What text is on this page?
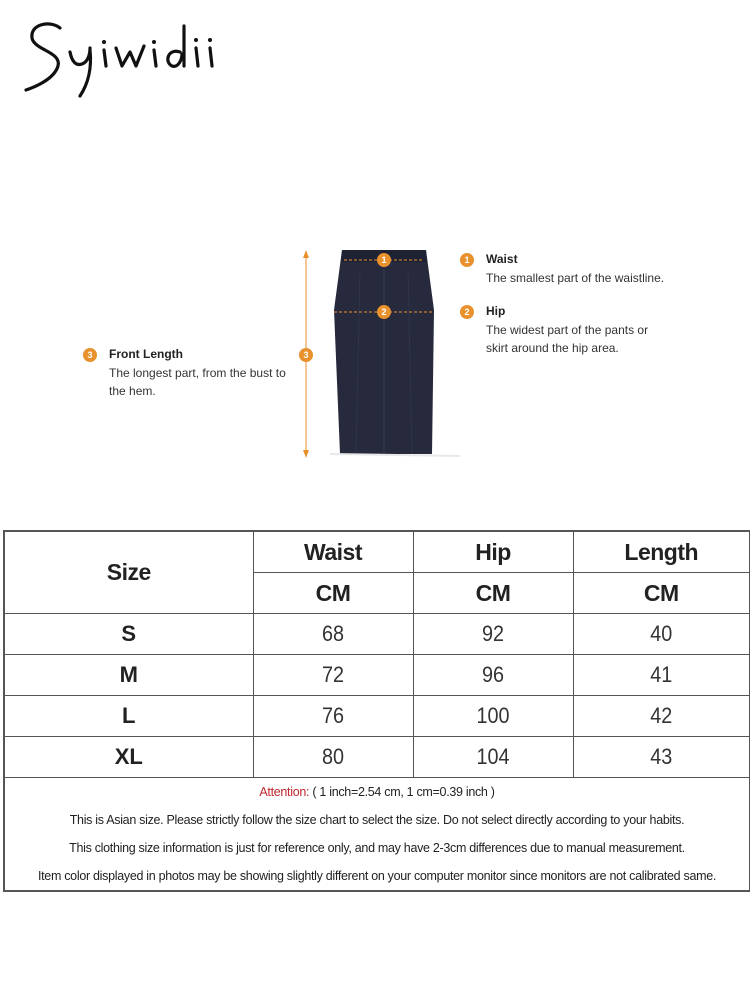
1
2
3
1	Waist
The smallest part of the waistline.
2	Hip
The widest part of the pants or
skirt around the hip area.
3	Front Length
The longest part, from the bust to
the hem.
Size	Waist	Hip	Length
	CM	CM	CM
S	68	92	40
M	72	96	41
L	76	100	42
XL	80	104	43

Attention: ( 1 inch=2.54 cm, 1 cm=0.39 inch )
This is Asian size. Please strictly follow the size chart to select the size. Do not select directly according to your habits.
This clothing size information is just for reference only, and may have 2-3cm differences due to manual measurement.
Item color displayed in photos may be showing slightly different on your computer monitor since monitors are not calibrated same.			
